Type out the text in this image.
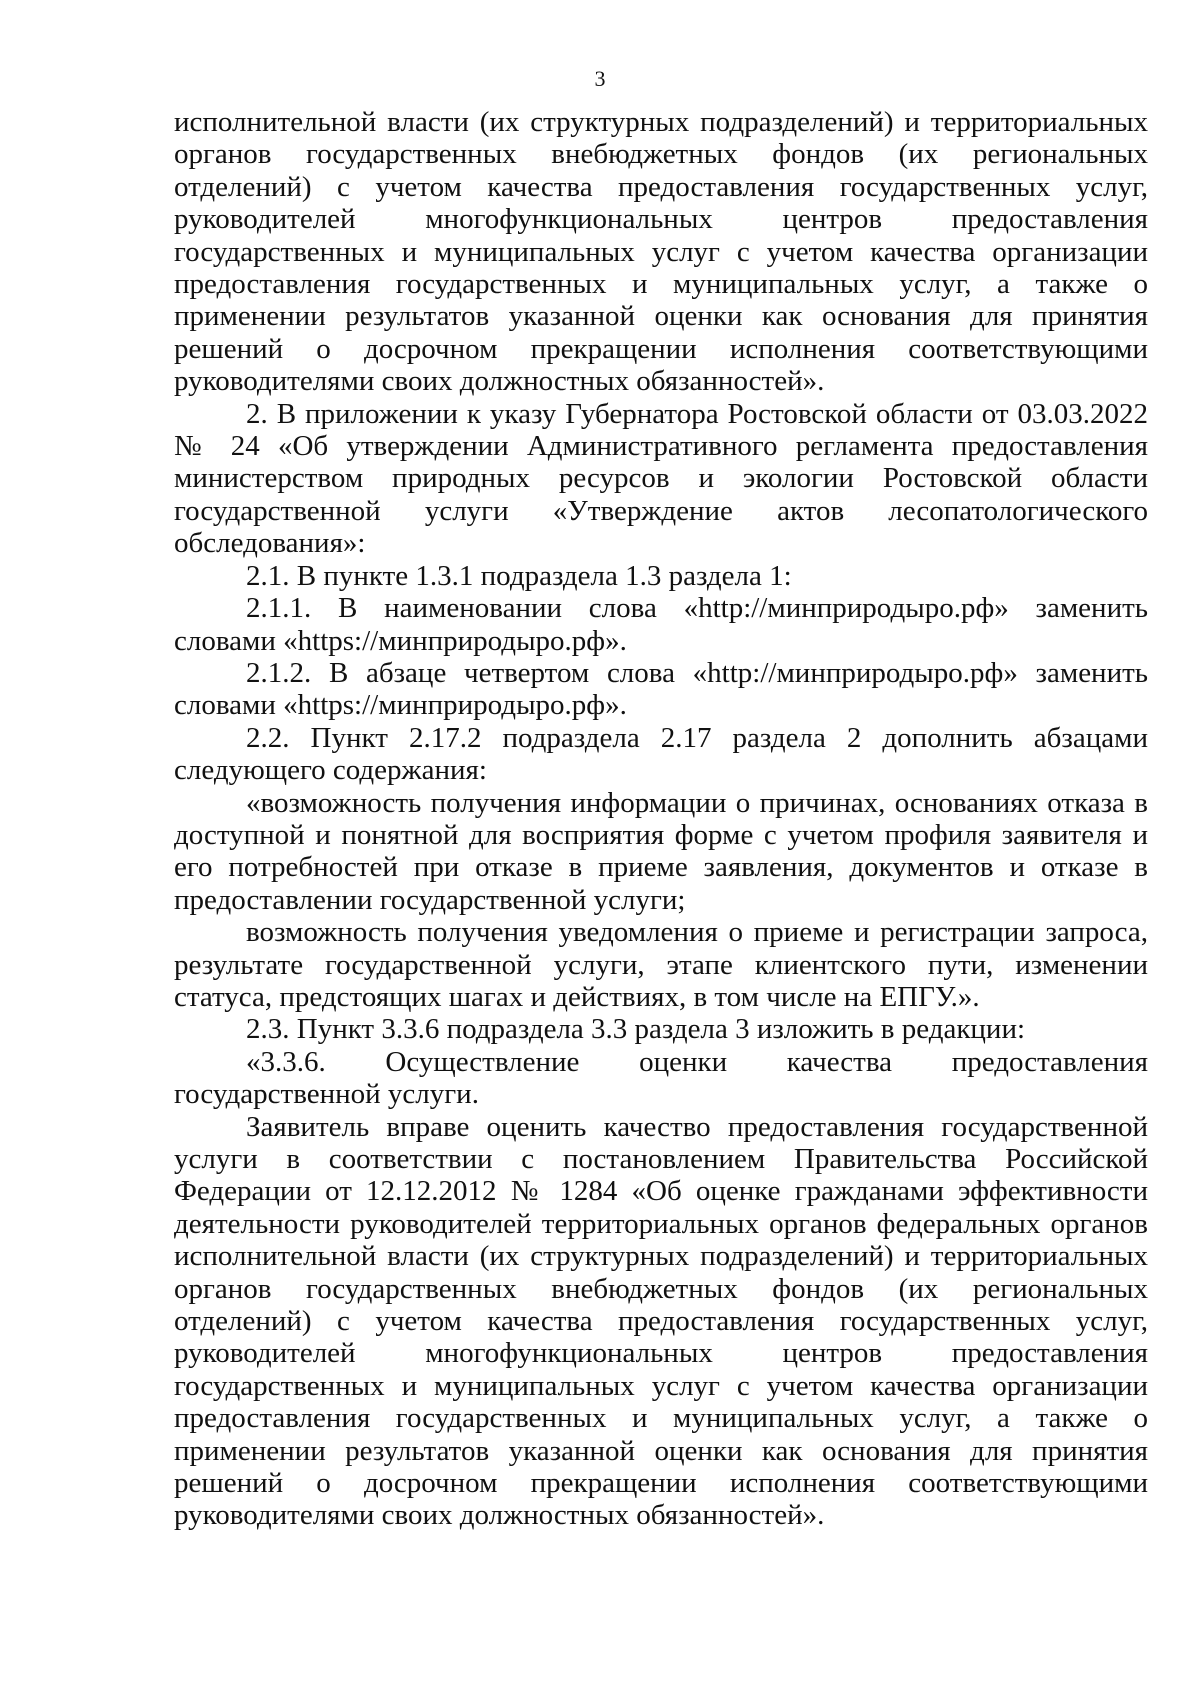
3

исполнительной власти (их структурных подразделений) и территориальных органов государственных внебюджетных фондов (их региональных отделений) с учетом качества предоставления государственных услуг, руководителей многофункциональных центров предоставления государственных и муниципальных услуг с учетом качества организации предоставления государственных и муниципальных услуг, а также о применении результатов указанной оценки как основания для принятия решений о досрочном прекращении исполнения соответствующими руководителями своих должностных обязанностей».

2. В приложении к указу Губернатора Ростовской области от 03.03.2022 № 24 «Об утверждении Административного регламента предоставления министерством природных ресурсов и экологии Ростовской области государственной услуги «Утверждение актов лесопатологического обследования»:

2.1. В пункте 1.3.1 подраздела 1.3 раздела 1:

2.1.1. В наименовании слова «http://минприродыро.рф» заменить словами «https://минприродыро.рф».

2.1.2. В абзаце четвертом слова «http://минприродыро.рф» заменить словами «https://минприродыро.рф».

2.2. Пункт 2.17.2 подраздела 2.17 раздела 2 дополнить абзацами следующего содержания:

«возможность получения информации о причинах, основаниях отказа в доступной и понятной для восприятия форме с учетом профиля заявителя и его потребностей при отказе в приеме заявления, документов и отказе в предоставлении государственной услуги;

возможность получения уведомления о приеме и регистрации запроса, результате государственной услуги, этапе клиентского пути, изменении статуса, предстоящих шагах и действиях, в том числе на ЕПГУ.».

2.3. Пункт 3.3.6 подраздела 3.3 раздела 3 изложить в редакции:

«3.3.6. Осуществление оценки качества предоставления государственной услуги.

Заявитель вправе оценить качество предоставления государственной услуги в соответствии с постановлением Правительства Российской Федерации от 12.12.2012 № 1284 «Об оценке гражданами эффективности деятельности руководителей территориальных органов федеральных органов исполнительной власти (их структурных подразделений) и территориальных органов государственных внебюджетных фондов (их региональных отделений) с учетом качества предоставления государственных услуг, руководителей многофункциональных центров предоставления государственных и муниципальных услуг с учетом качества организации предоставления государственных и муниципальных услуг, а также о применении результатов указанной оценки как основания для принятия решений о досрочном прекращении исполнения соответствующими руководителями своих должностных обязанностей».
